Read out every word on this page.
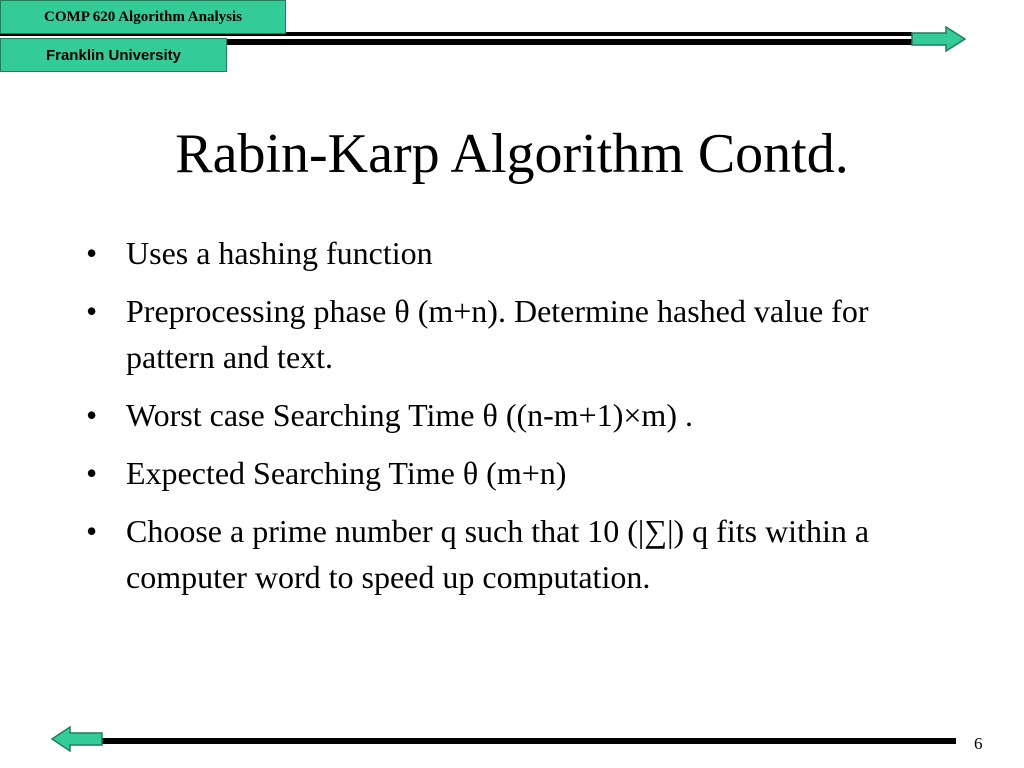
COMP 620 Algorithm Analysis
Franklin University
Rabin-Karp Algorithm Contd.
• Uses a hashing function
• Preprocessing phase θ (m+n). Determine hashed value for pattern and text.
• Worst case Searching Time θ ((n-m+1)×m) .
• Expected Searching Time θ (m+n)
• Choose a prime number q such that 10 (|∑|) q fits within a computer word to speed up computation.
6
